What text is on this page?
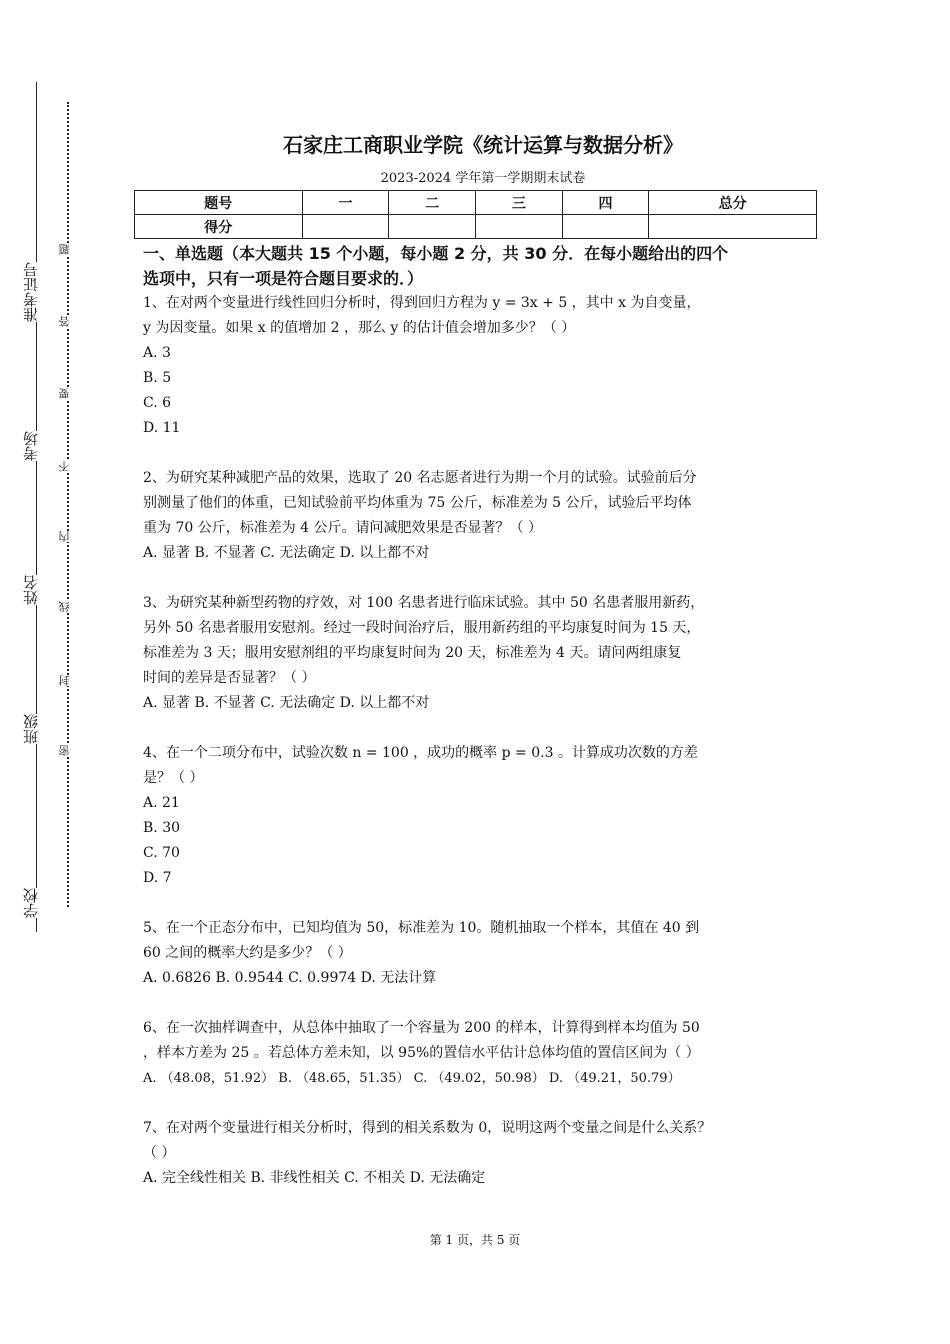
准考证号
考场
姓名
班级
学校
题
答
要
不
内
线
封
密
石家庄工商职业学院《统计运算与数据分析》
2023-2024 学年第一学期期末试卷
题号	一	二	三	四	总分
得分					
一、单选题（本大题共 15 个小题，每小题 2 分，共 30 分．在每小题给出的四个
选项中，只有一项是符合题目要求的．）

1、在对两个变量进行线性回归分析时，得到回归方程为 y = 3x + 5 ，其中 x 为自变量，

y 为因变量。如果 x 的值增加 2 ，那么 y 的估计值会增加多少？（ ）

A. 3

B. 5

C. 6

D. 11

2、为研究某种减肥产品的效果，选取了 20 名志愿者进行为期一个月的试验。试验前后分

别测量了他们的体重，已知试验前平均体重为 75 公斤，标准差为 5 公斤，试验后平均体

重为 70 公斤，标准差为 4 公斤。请问减肥效果是否显著？（ ）

A. 显著 B. 不显著 C. 无法确定 D. 以上都不对

3、为研究某种新型药物的疗效，对 100 名患者进行临床试验。其中 50 名患者服用新药，

另外 50 名患者服用安慰剂。经过一段时间治疗后，服用新药组的平均康复时间为 15 天，

标准差为 3 天；服用安慰剂组的平均康复时间为 20 天，标准差为 4 天。请问两组康复

时间的差异是否显著？（ ）

A. 显著 B. 不显著 C. 无法确定 D. 以上都不对

4、在一个二项分布中，试验次数 n = 100 ，成功的概率 p = 0.3 。计算成功次数的方差

是？（ ）

A. 21

B. 30

C. 70

D. 7

5、在一个正态分布中，已知均值为 50，标准差为 10。随机抽取一个样本，其值在 40 到

60 之间的概率大约是多少？（ ）

A. 0.6826 B. 0.9544 C. 0.9974 D. 无法计算

6、在一次抽样调查中，从总体中抽取了一个容量为 200 的样本，计算得到样本均值为 50

，样本方差为 25 。若总体方差未知，以 95%的置信水平估计总体均值的置信区间为（ ）

A. （48.08，51.92） B. （48.65，51.35） C. （49.02，50.98） D. （49.21，50.79）

7、在对两个变量进行相关分析时，得到的相关系数为 0，说明这两个变量之间是什么关系？

（ ）

A. 完全线性相关 B. 非线性相关 C. 不相关 D. 无法确定

第 1 页，共 5 页
